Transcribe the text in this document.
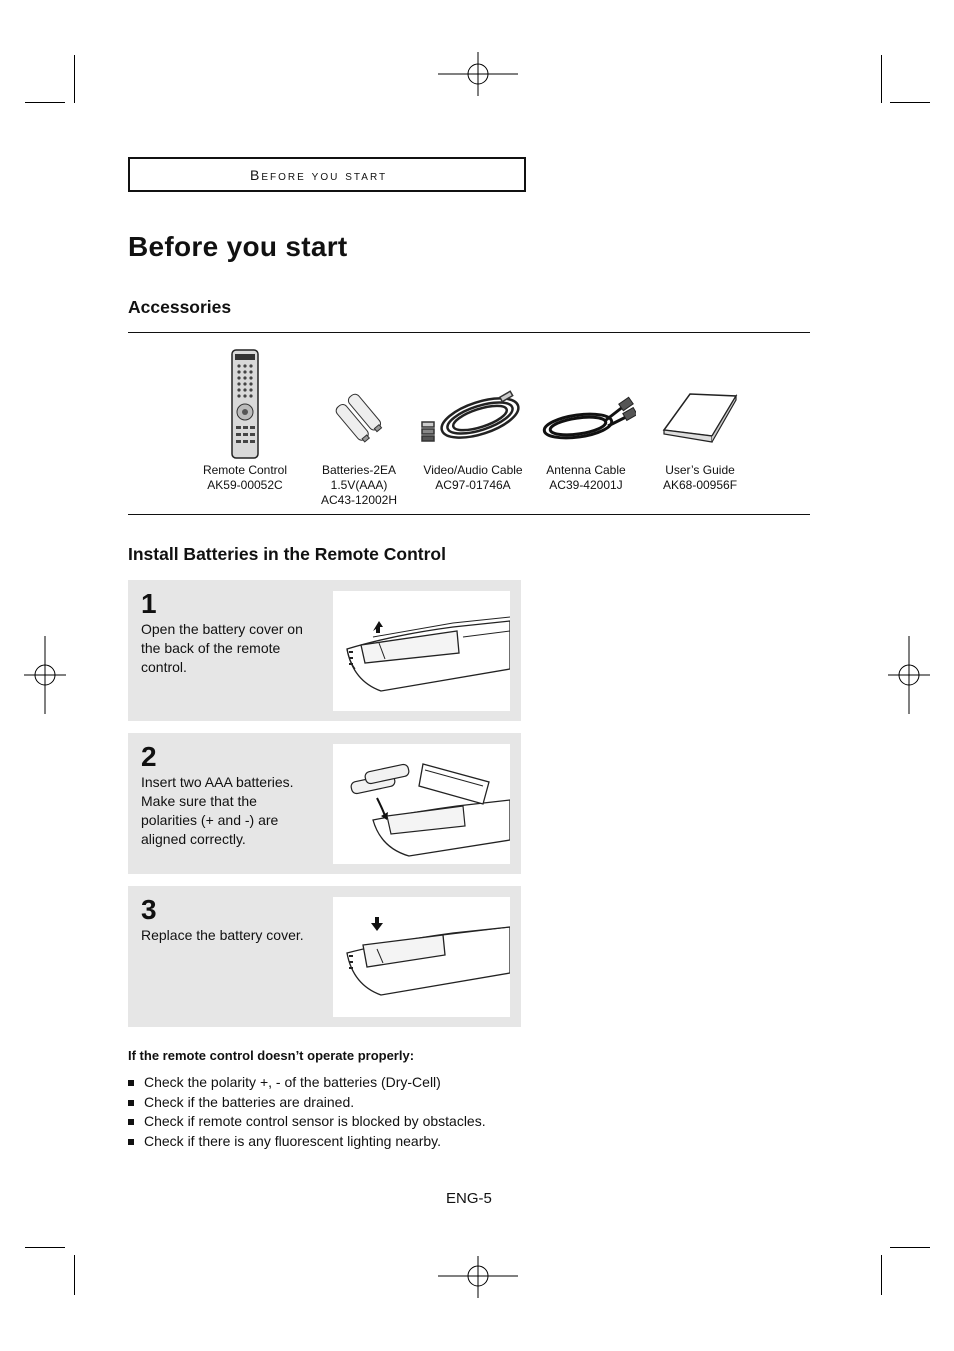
Before you start
Before you start
Accessories
Remote Control
AK59-00052C
Batteries-2EA
1.5V(AAA)
AC43-12002H
Video/Audio Cable
AC97-01746A
Antenna Cable
AC39-42001J
User’s Guide
AK68-00956F
Install Batteries in the Remote Control
1
Open the battery cover on the back of the remote control.
2
Insert two AAA batteries. Make sure that the polarities (+ and -) are aligned correctly.
3
Replace the battery cover.
If the remote control doesn’t operate properly:
Check the polarity +, - of the batteries (Dry-Cell)
Check if the batteries are drained.
Check if remote control sensor is blocked by obstacles.
Check if there is any fluorescent lighting nearby.
ENG-5
